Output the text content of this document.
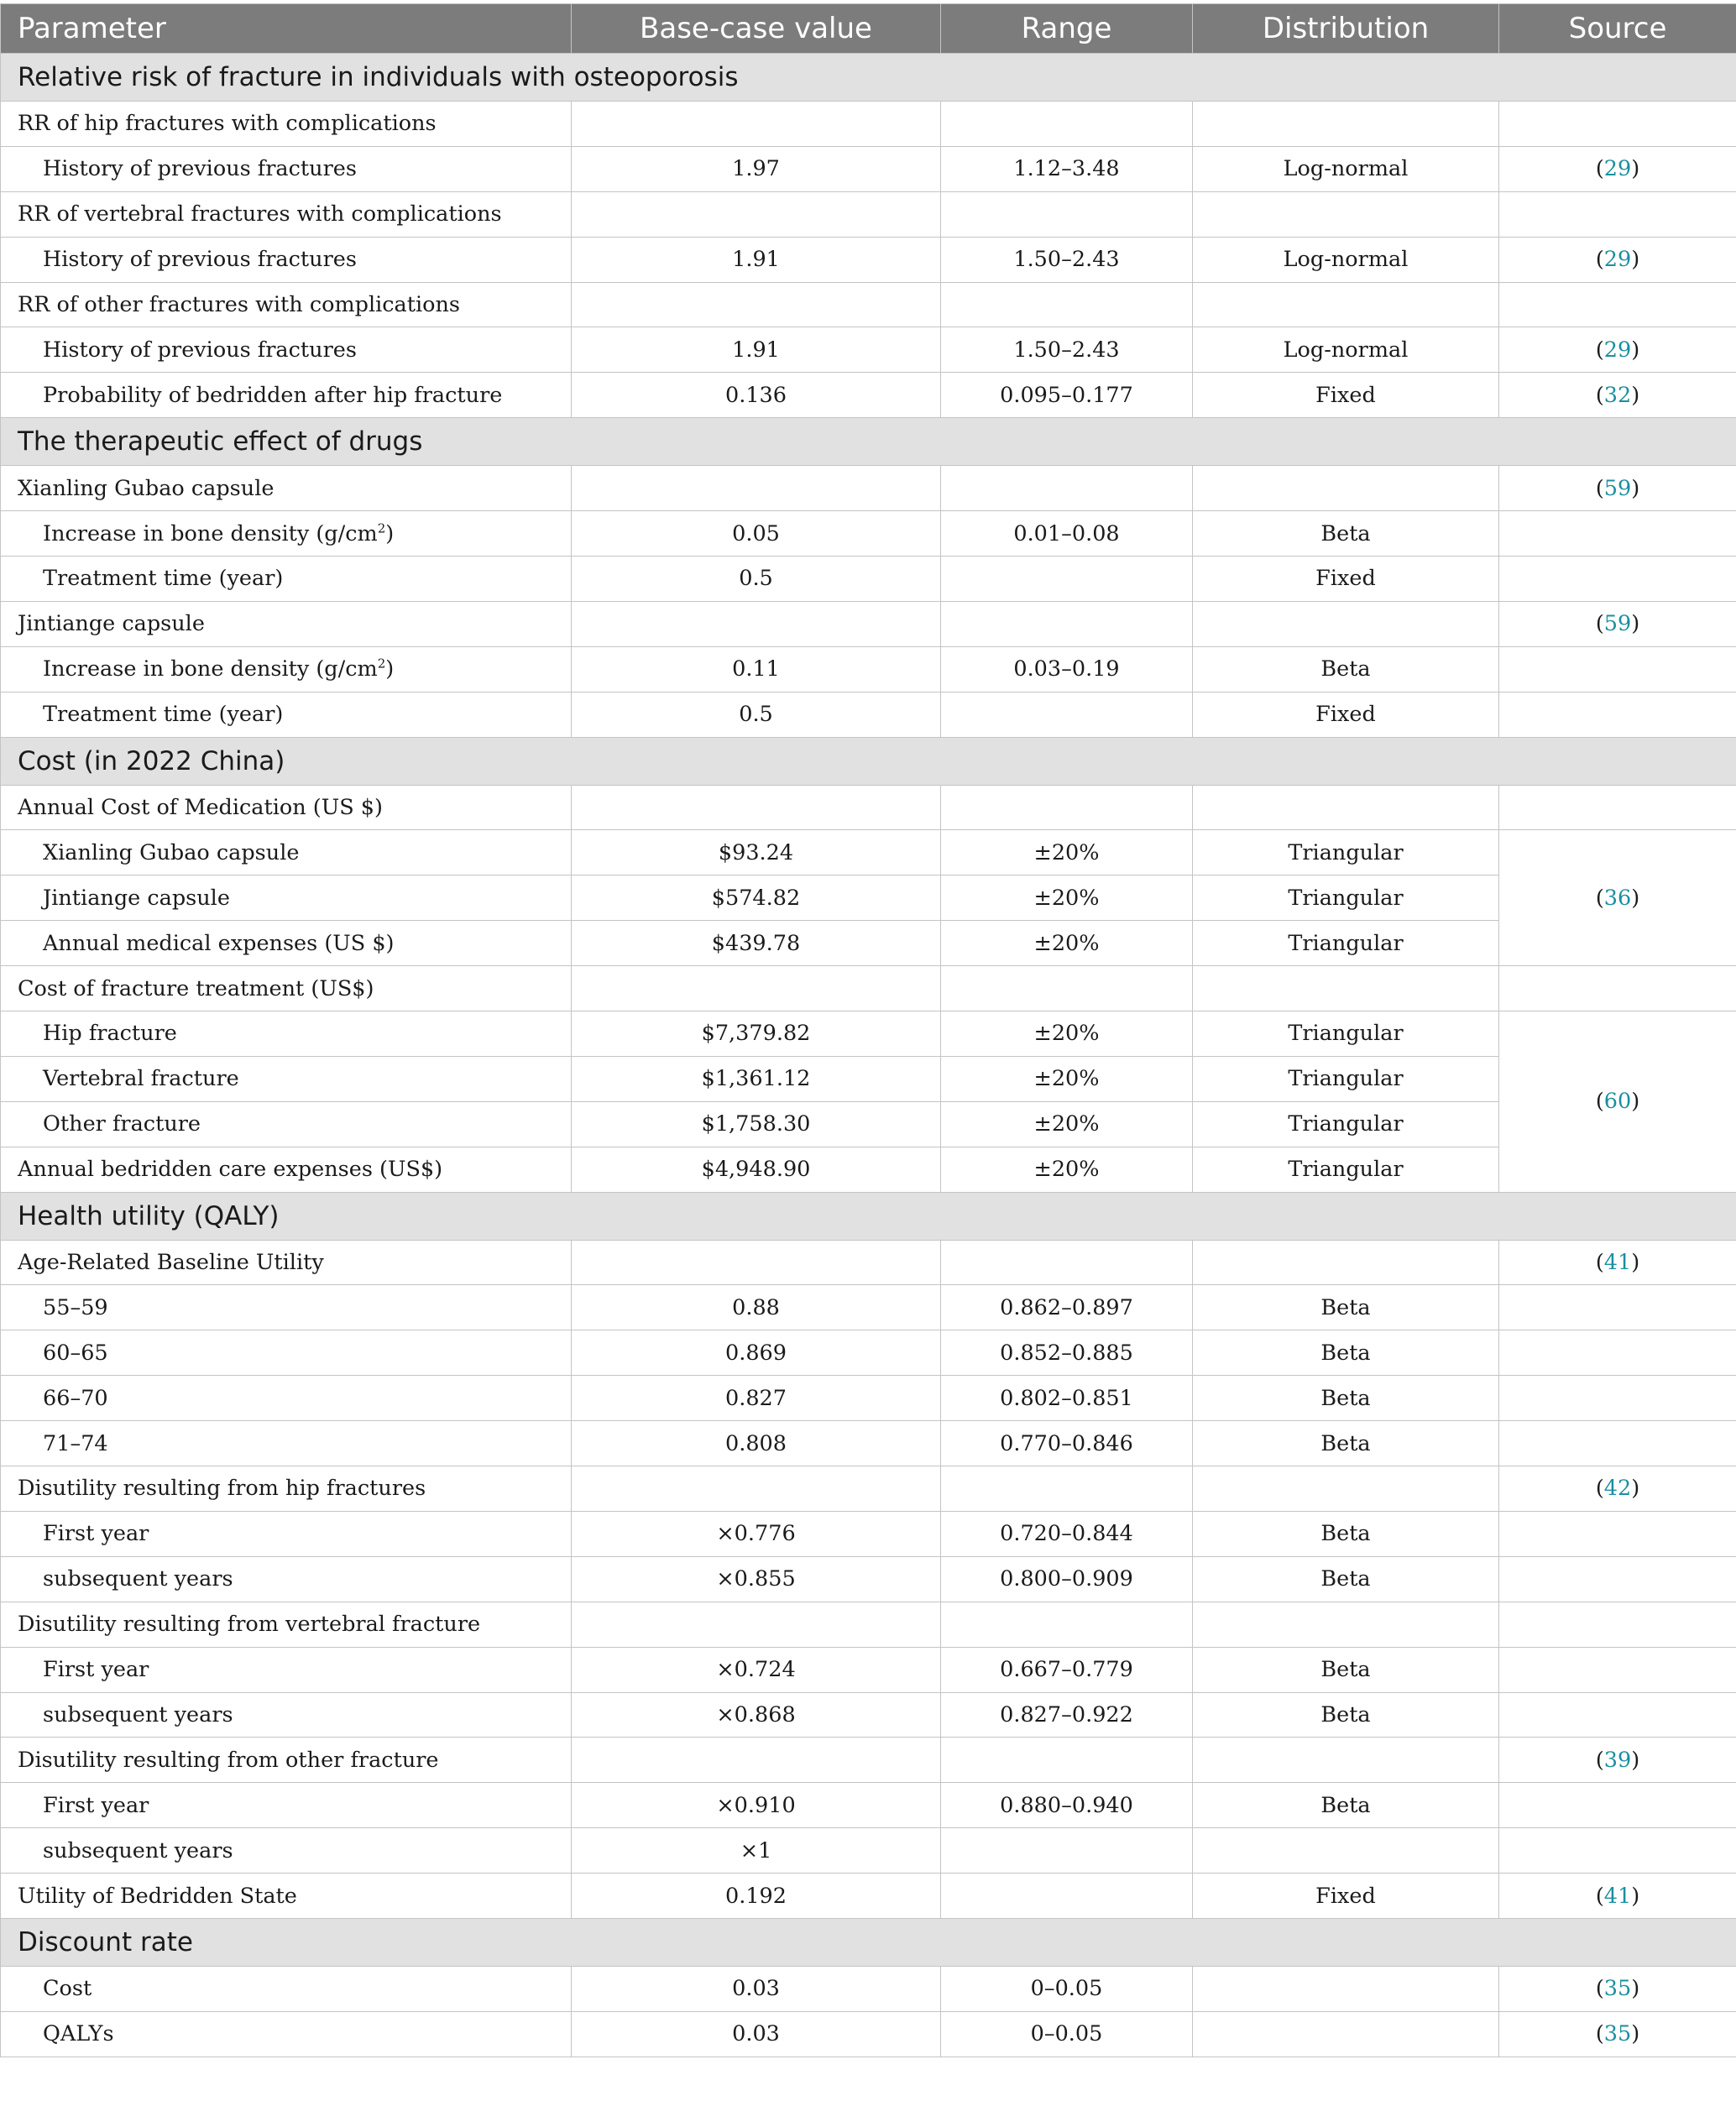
Parameter	Base-case value	Range	Distribution	Source
Relative risk of fracture in individuals with osteoporosis				
RR of hip fractures with complications				
History of previous fractures	1.97	1.12–3.48	Log-normal	(29)
RR of vertebral fractures with complications				
History of previous fractures	1.91	1.50–2.43	Log-normal	(29)
RR of other fractures with complications				
History of previous fractures	1.91	1.50–2.43	Log-normal	(29)
Probability of bedridden after hip fracture	0.136	0.095–0.177	Fixed	(32)
The therapeutic effect of drugs				
Xianling Gubao capsule				(59)
Increase in bone density $(g/cm^2)$	0.05	0.01–0.08	Beta	
Treatment time (year)	0.5		Fixed	
Jintiange capsule				(59)
Increase in bone density $(g/cm^2)$	0.11	0.03–0.19	Beta	
Treatment time (year)	0.5		Fixed	
Cost (in 2022 China)				
Annual Cost of Medication (US $)				
Xianling Gubao capsule	$93.24	±20%	Triangular	(36)
Jintiange capsule	$574.82	±20%	Triangular	
Annual medical expenses (US $)	$439.78	±20%	Triangular	
Cost of fracture treatment (US$)				
Hip fracture	$7,379.82	±20%	Triangular	(60)
Vertebral fracture	$1,361.12	±20%	Triangular	
Other fracture	$1,758.30	±20%	Triangular	
Annual bedridden care expenses (US$)	$4,948.90	±20%	Triangular	
Health utility (QALY)				
Age-Related Baseline Utility				(41)
55–59	0.88	0.862–0.897	Beta	
60–65	0.869	0.852–0.885	Beta	
66–70	0.827	0.802–0.851	Beta	
71–74	0.808	0.770–0.846	Beta	
Disutility resulting from hip fractures				(42)
First year	×0.776	0.720–0.844	Beta	
subsequent years	×0.855	0.800–0.909	Beta	
Disutility resulting from vertebral fracture				
First year	×0.724	0.667–0.779	Beta	
subsequent years	×0.868	0.827–0.922	Beta	
Disutility resulting from other fracture				(39)
First year	×0.910	0.880–0.940	Beta	
subsequent years	×1			
Utility of Bedridden State	0.192		Fixed	(41)
Discount rate				
Cost	0.03	0–0.05		(35)
QALYs	0.03	0–0.05		(35)
